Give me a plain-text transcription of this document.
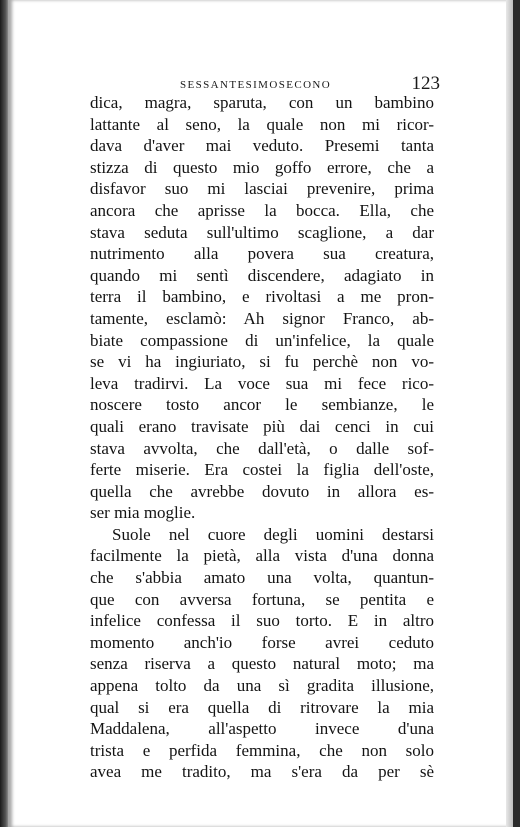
SESSANTESIMOSECONO	123
dica, magra, sparuta, con un bambino
lattante al seno, la quale non mi ricor-
dava d'aver mai veduto. Presemi tanta
stizza di questo mio goffo errore, che a
disfavor suo mi lasciai prevenire, prima
ancora che aprisse la bocca. Ella, che
stava seduta sull'ultimo scaglione, a dar
nutrimento alla povera sua creatura,
quando mi sentì discendere, adagiato in
terra il bambino, e rivoltasi a me pron-
tamente, esclamò: Ah signor Franco, ab-
biate compassione di un'infelice, la quale
se vi ha ingiuriato, si fu perchè non vo-
leva tradirvi. La voce sua mi fece rico-
noscere tosto ancor le sembianze, le
quali erano travisate più dai cenci in cui
stava avvolta, che dall'età, o dalle sof-
ferte miserie. Era costei la figlia dell'oste,
quella che avrebbe dovuto in allora es-
ser mia moglie.
Suole nel cuore degli uomini destarsi
facilmente la pietà, alla vista d'una donna
che s'abbia amato una volta, quantun-
que con avversa fortuna, se pentita e
infelice confessa il suo torto. E in altro
momento anch'io forse avrei ceduto
senza riserva a questo natural moto; ma
appena tolto da una sì gradita illusione,
qual si era quella di ritrovare la mia
Maddalena, all'aspetto invece d'una
trista e perfida femmina, che non solo
avea me tradito, ma s'era da per sè
